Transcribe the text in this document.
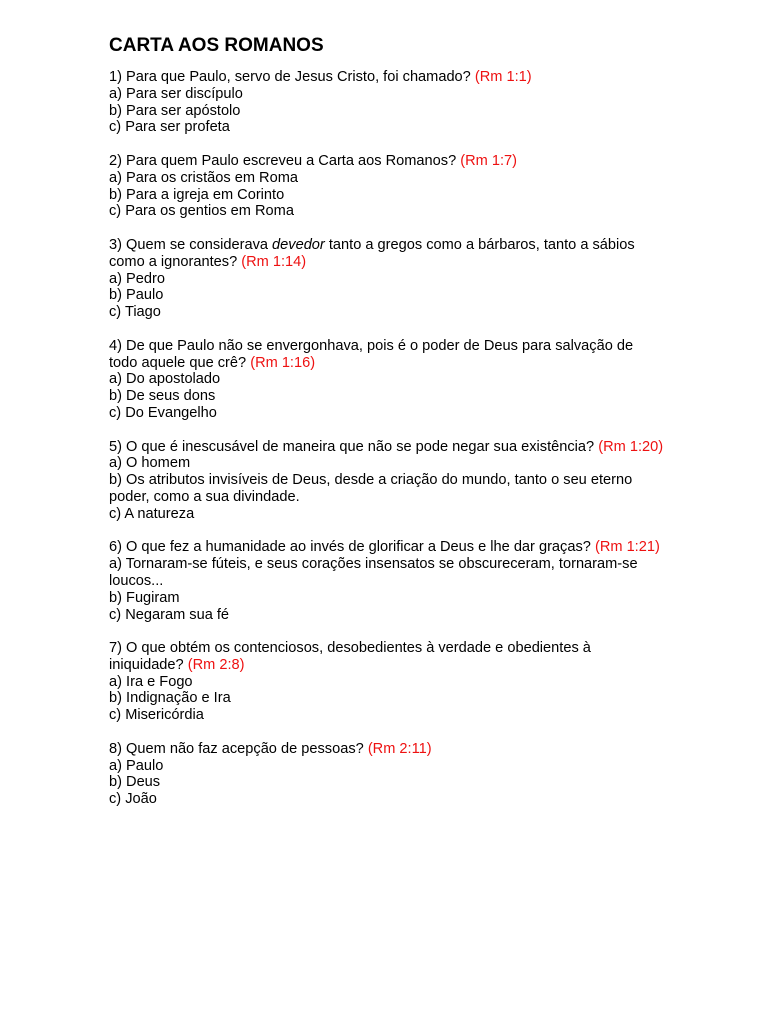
CARTA AOS ROMANOS
1) Para que Paulo, servo de Jesus Cristo, foi chamado? (Rm 1:1)
a) Para ser discípulo
b) Para ser apóstolo
c) Para ser profeta
2) Para quem Paulo escreveu a Carta aos Romanos? (Rm 1:7)
a) Para os cristãos em Roma
b) Para a igreja em Corinto
c) Para os gentios em Roma
3) Quem se considerava devedor tanto a gregos como a bárbaros, tanto a sábios como a ignorantes? (Rm 1:14)
a) Pedro
b) Paulo
c) Tiago
4) De que Paulo não se envergonhava, pois é o poder de Deus para salvação de todo aquele que crê? (Rm 1:16)
a) Do apostolado
b) De seus dons
c) Do Evangelho
5) O que é inescusável de maneira que não se pode negar sua existência? (Rm 1:20)
a) O homem
b) Os atributos invisíveis de Deus, desde a criação do mundo, tanto o seu eterno poder, como a sua divindade.
c) A natureza
6) O que fez a humanidade ao invés de glorificar a Deus e lhe dar graças? (Rm 1:21)
a) Tornaram-se fúteis, e seus corações insensatos se obscureceram, tornaram-se loucos...
b) Fugiram
c) Negaram sua fé
7) O que obtém os contenciosos, desobedientes à verdade e obedientes à iniquidade? (Rm 2:8)
a) Ira e Fogo
b) Indignação e Ira
c) Misericórdia
8) Quem não faz acepção de pessoas? (Rm 2:11)
a) Paulo
b) Deus
c) João
